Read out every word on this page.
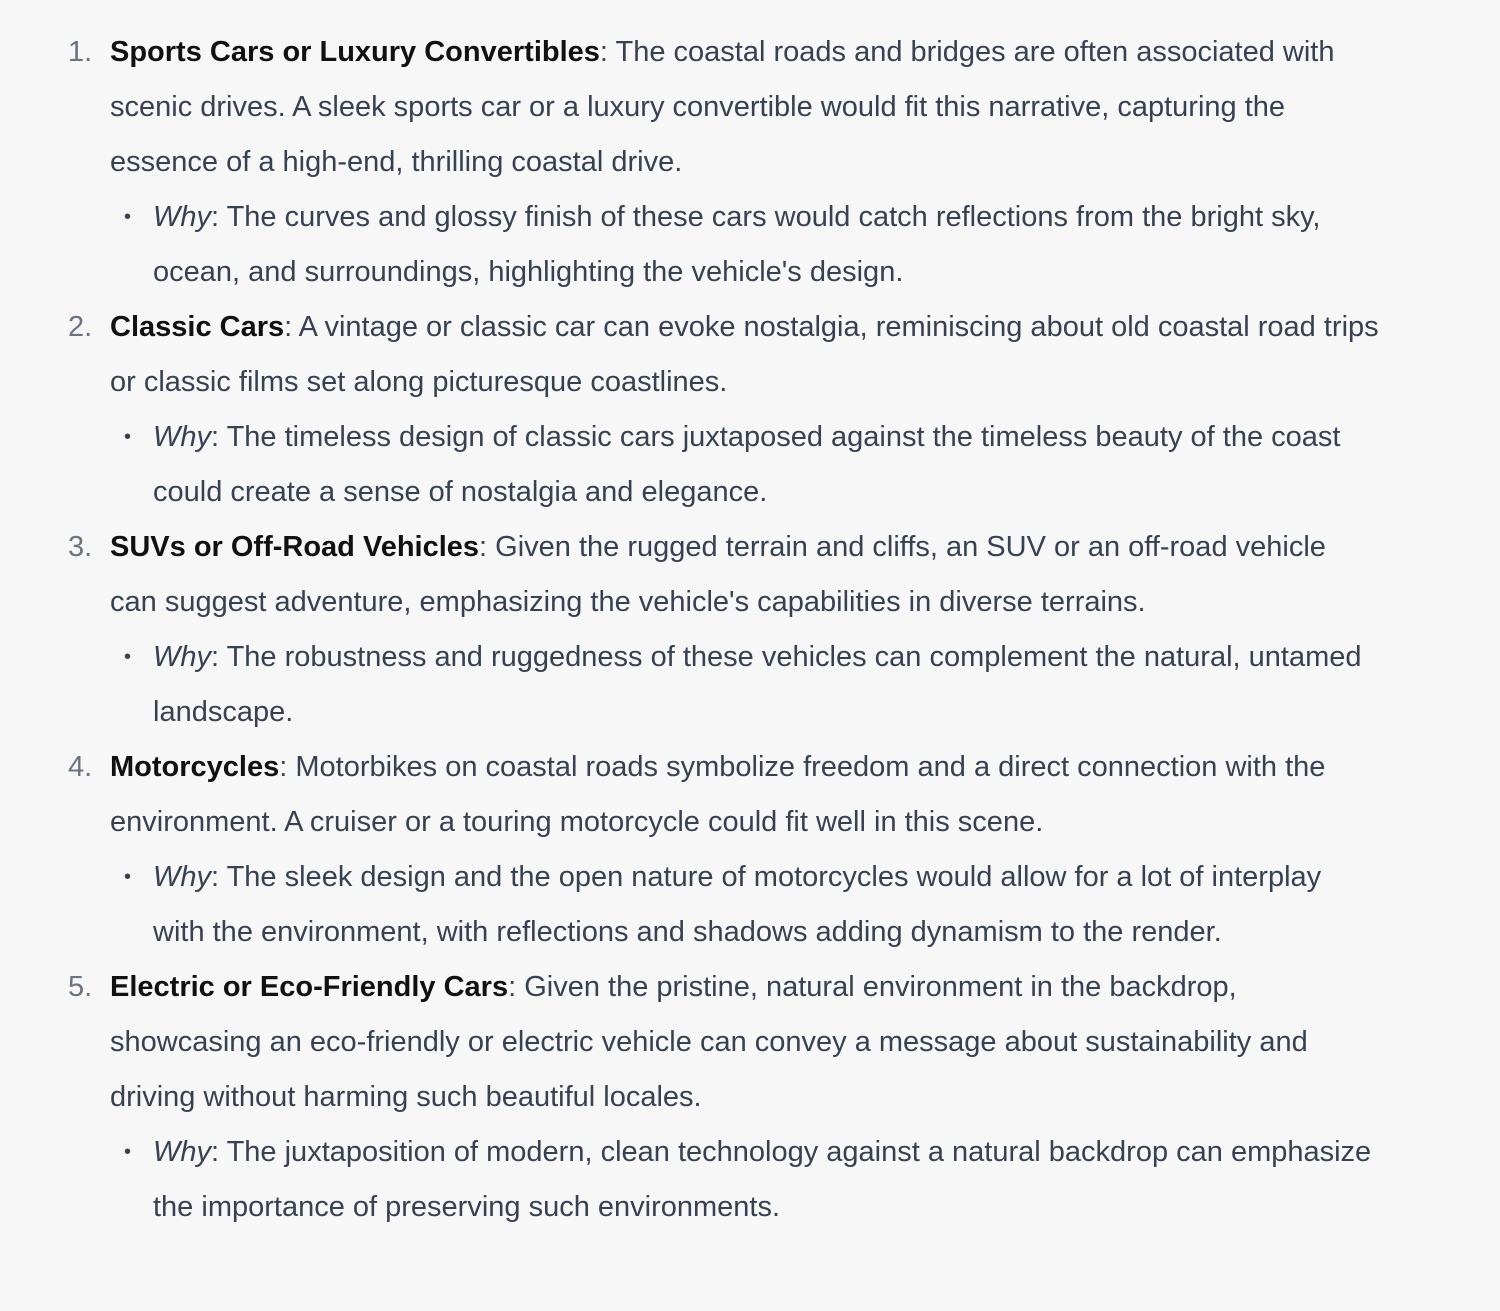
1. Sports Cars or Luxury Convertibles: The coastal roads and bridges are often associated with scenic drives. A sleek sports car or a luxury convertible would fit this narrative, capturing the essence of a high-end, thrilling coastal drive.
• Why: The curves and glossy finish of these cars would catch reflections from the bright sky, ocean, and surroundings, highlighting the vehicle's design.
2. Classic Cars: A vintage or classic car can evoke nostalgia, reminiscing about old coastal road trips or classic films set along picturesque coastlines.
• Why: The timeless design of classic cars juxtaposed against the timeless beauty of the coast could create a sense of nostalgia and elegance.
3. SUVs or Off-Road Vehicles: Given the rugged terrain and cliffs, an SUV or an off-road vehicle can suggest adventure, emphasizing the vehicle's capabilities in diverse terrains.
• Why: The robustness and ruggedness of these vehicles can complement the natural, untamed landscape.
4. Motorcycles: Motorbikes on coastal roads symbolize freedom and a direct connection with the environment. A cruiser or a touring motorcycle could fit well in this scene.
• Why: The sleek design and the open nature of motorcycles would allow for a lot of interplay with the environment, with reflections and shadows adding dynamism to the render.
5. Electric or Eco-Friendly Cars: Given the pristine, natural environment in the backdrop, showcasing an eco-friendly or electric vehicle can convey a message about sustainability and driving without harming such beautiful locales.
• Why: The juxtaposition of modern, clean technology against a natural backdrop can emphasize the importance of preserving such environments.
